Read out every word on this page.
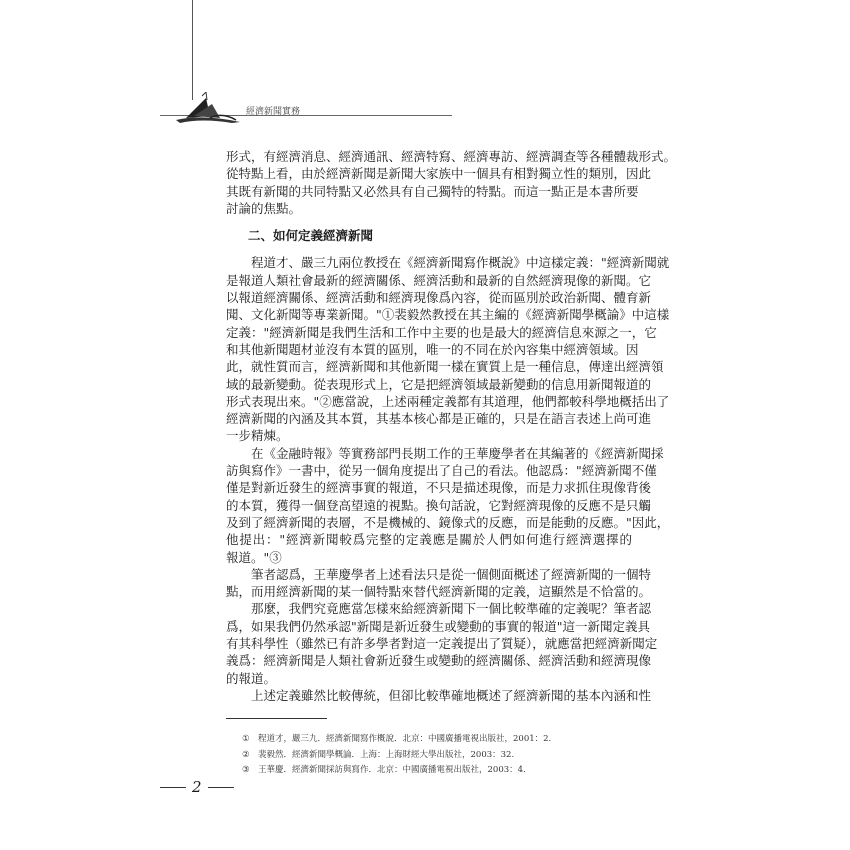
經濟新聞實務
形式，有經濟消息、經濟通訊、經濟特寫、經濟專訪、經濟調查等各種體裁形式。
從特點上看，由於經濟新聞是新聞大家族中一個具有相對獨立性的類別，因此
其既有新聞的共同特點又必然具有自己獨特的特點。而這一點正是本書所要
討論的焦點。
二、如何定義經濟新聞
程道才、嚴三九兩位教授在《經濟新聞寫作概說》中這樣定義："經濟新聞就
是報道人類社會最新的經濟關係、經濟活動和最新的自然經濟現像的新聞。它
以報道經濟關係、經濟活動和經濟現像爲內容，從而區別於政治新聞、體育新
聞、文化新聞等專業新聞。"①裴毅然教授在其主編的《經濟新聞學概論》中這樣
定義："經濟新聞是我們生活和工作中主要的也是最大的經濟信息來源之一，它
和其他新聞題材並沒有本質的區別，唯一的不同在於內容集中經濟領域。因
此，就性質而言，經濟新聞和其他新聞一樣在實質上是一種信息，傳達出經濟領
域的最新變動。從表現形式上，它是把經濟領域最新變動的信息用新聞報道的
形式表現出來。"②應當說，上述兩種定義都有其道理，他們都較科學地概括出了
經濟新聞的內涵及其本質，其基本核心都是正確的，只是在語言表述上尚可進
一步精煉。
在《金融時報》等實務部門長期工作的王華慶學者在其編著的《經濟新聞採
訪與寫作》一書中，從另一個角度提出了自己的看法。他認爲："經濟新聞不僅
僅是對新近發生的經濟事實的報道，不只是描述現像，而是力求抓住現像背後
的本質，獲得一個登高望遠的視點。換句話說，它對經濟現像的反應不是只觸
及到了經濟新聞的表層，不是機械的、鏡像式的反應，而是能動的反應。"因此，
他提出："經濟新聞較爲完整的定義應是關於人們如何進行經濟選擇的
報道。"③
筆者認爲，王華慶學者上述看法只是從一個側面概述了經濟新聞的一個特
點，而用經濟新聞的某一個特點來替代經濟新聞的定義，這顯然是不恰當的。
那麼，我們究竟應當怎樣來給經濟新聞下一個比較準確的定義呢？筆者認
爲，如果我們仍然承認"新聞是新近發生或變動的事實的報道"這一新聞定義具
有其科學性（雖然已有許多學者對這一定義提出了質疑），就應當把經濟新聞定
義爲：經濟新聞是人類社會新近發生或變動的經濟關係、經濟活動和經濟現像
的報道。
上述定義雖然比較傳統，但卻比較準確地概述了經濟新聞的基本內涵和性
① 程道才，嚴三九．經濟新聞寫作概說．北京：中國廣播電視出版社，2001：2.
② 裴毅然．經濟新聞學概論．上海：上海財經大學出版社，2003：32.
③ 王華慶．經濟新聞採訪與寫作．北京：中國廣播電視出版社，2003：4.
2
